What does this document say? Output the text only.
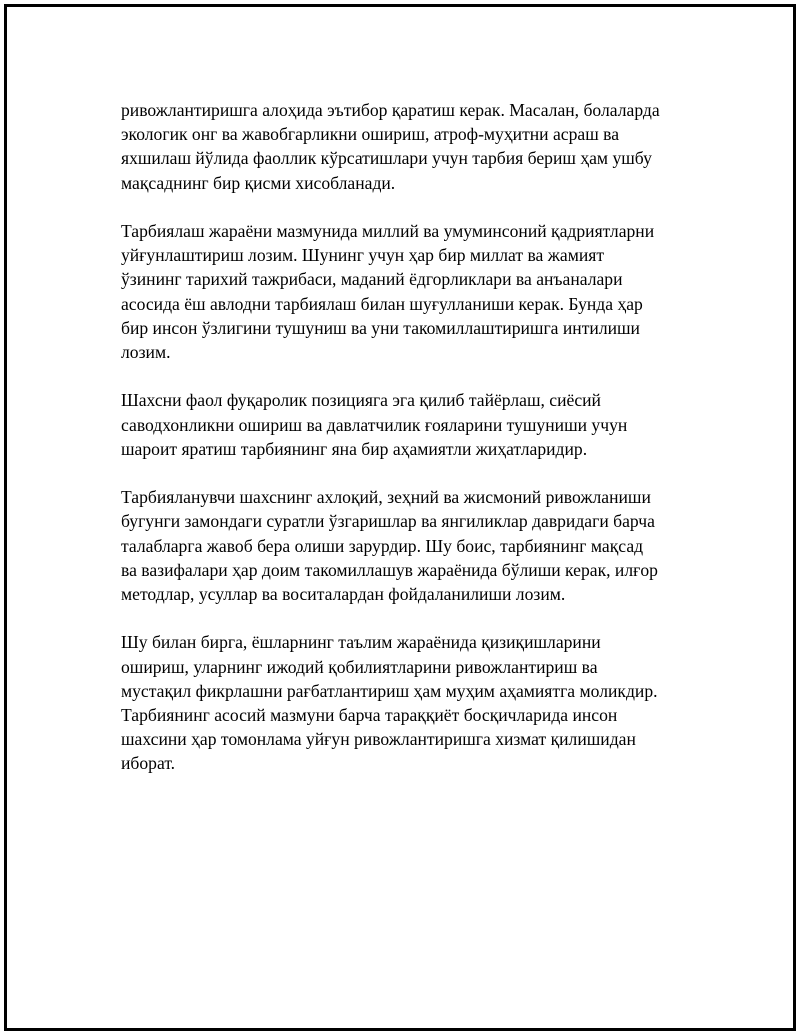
ривожлантиришга алоҳида эътибор қаратиш керак. Масалан, болаларда
экологик онг ва жавобгарликни ошириш, атроф-муҳитни асраш ва
яхшилаш йўлида фаоллик кўрсатишлари учун тарбия бериш ҳам ушбу
мақсаднинг бир қисми хисобланади.

Тарбиялаш жараёни мазмунида миллий ва умуминсоний қадриятларни
уйғунлаштириш лозим. Шунинг учун ҳар бир миллат ва жамият
ўзининг тарихий тажрибаси, маданий ёдгорликлари ва анъаналари
асосида ёш авлодни тарбиялаш билан шуғулланиши керак. Бунда ҳар
бир инсон ўзлигини тушуниш ва уни такомиллаштиришга интилиши
лозим.

Шахсни фаол фуқаролик позицияга эга қилиб тайёрлаш, сиёсий
саводхонликни ошириш ва давлатчилик ғояларини тушуниши учун
шароит яратиш тарбиянинг яна бир аҳамиятли жиҳатларидир.

Тарбияланувчи шахснинг ахлоқий, зеҳний ва жисмоний ривожланиши
бугунги замондаги суратли ўзгаришлар ва янгиликлар давридаги барча
талабларга жавоб бера олиши зарурдир. Шу боис, тарбиянинг мақсад
ва вазифалари ҳар доим такомиллашув жараёнида бўлиши керак, илғор
методлар, усуллар ва воситалардан фойдаланилиши лозим.

Шу билан бирга, ёшларнинг таълим жараёнида қизиқишларини
ошириш, уларнинг ижодий қобилиятларини ривожлантириш ва
мустақил фикрлашни рағбатлантириш ҳам муҳим аҳамиятга моликдир.
Тарбиянинг асосий мазмуни барча тараққиёт босқичларида инсон
шахсини ҳар томонлама уйғун ривожлантиришга хизмат қилишидан
иборат.
